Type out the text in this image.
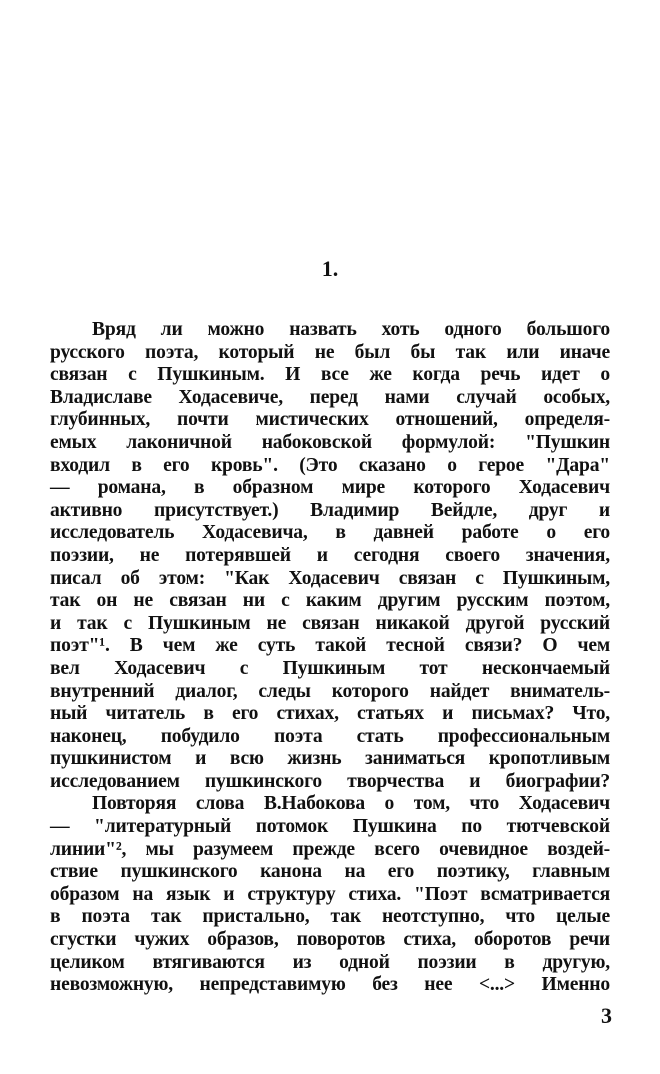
1.
Вряд ли можно назвать хоть одного большого
русского поэта, который не был бы так или иначе
связан с Пушкиным. И все же когда речь идет о
Владиславе Ходасевиче, перед нами случай особых,
глубинных, почти мистических отношений, определя-
емых лаконичной набоковской формулой: "Пушкин
входил в его кровь". (Это сказано о герое "Дара"
— романа, в образном мире которого Ходасевич
активно присутствует.) Владимир Вейдле, друг и
исследователь Ходасевича, в давней работе о его
поэзии, не потерявшей и сегодня своего значения,
писал об этом: "Как Ходасевич связан с Пушкиным,
так он не связан ни с каким другим русским поэтом,
и так с Пушкиным не связан никакой другой русский
поэт"¹. В чем же суть такой тесной связи? О чем
вел Ходасевич с Пушкиным тот нескончаемый
внутренний диалог, следы которого найдет вниматель-
ный читатель в его стихах, статьях и письмах? Что,
наконец, побудило поэта стать профессиональным
пушкинистом и всю жизнь заниматься кропотливым
исследованием пушкинского творчества и биографии?
Повторяя слова В.Набокова о том, что Ходасевич
— "литературный потомок Пушкина по тютчевской
линии"², мы разумеем прежде всего очевидное воздей-
ствие пушкинского канона на его поэтику, главным
образом на язык и структуру стиха. "Поэт всматривается
в поэта так пристально, так неотступно, что целые
сгустки чужих образов, поворотов стиха, оборотов речи
целиком втягиваются из одной поэзии в другую,
невозможную, непредставимую без нее <...> Именно
3
